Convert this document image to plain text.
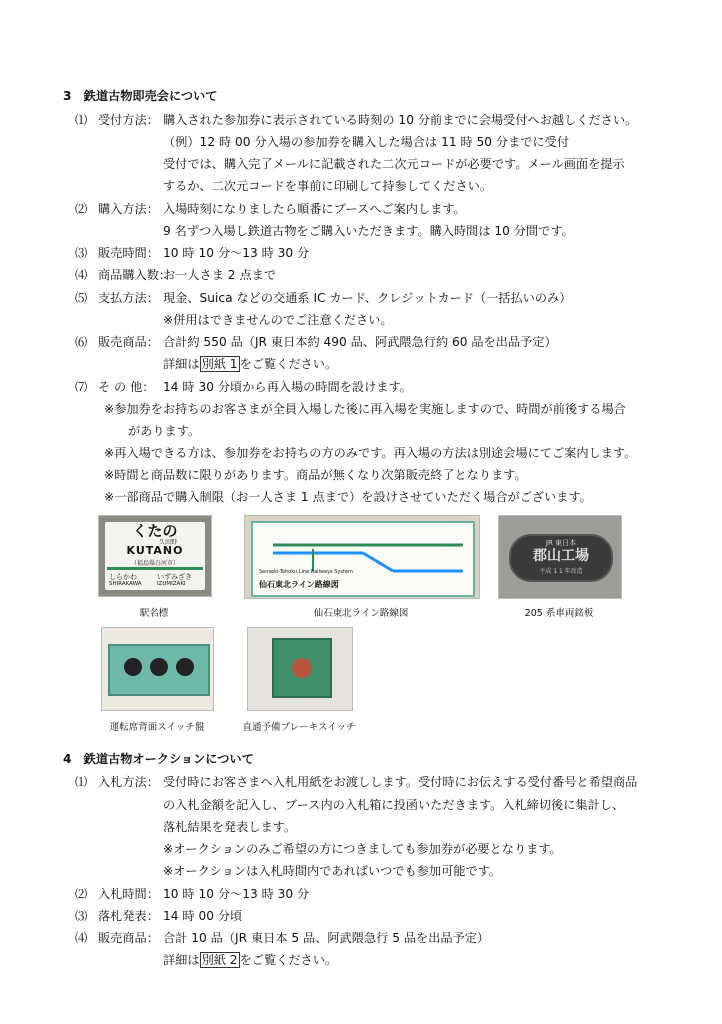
3　鉄道古物即売会について
⑴ 受付方法： 購入された参加券に表示されている時刻の 10 分前までに会場受付へお越しください。
（例）12 時 00 分入場の参加券を購入した場合は 11 時 50 分までに受付
受付では、購入完了メールに記載された二次元コードが必要です。メール画面を提示
するか、二次元コードを事前に印刷して持参してください。
⑵ 購入方法： 入場時刻になりましたら順番にブースへご案内します。
9 名ずつ入場し鉄道古物をご購入いただきます。購入時間は 10 分間です。
⑶ 販売時間： 10 時 10 分～13 時 30 分
⑷ 商品購入数：
お一人さま 2 点まで
⑸ 支払方法： 現金、Suica などの交通系 IC カード、クレジットカード（一括払いのみ）
※併用はできませんのでご注意ください。
⑹ 販売商品： 合計約 550 品（JR 東日本約 490 品、阿武隈急行約 60 品を出品予定）
詳細は 別紙 1 をご覧ください。
⑺ そ の 他： 14 時 30 分頃から再入場の時間を設けます。
※参加券をお持ちのお客さまが全員入場した後に再入場を実施しますので、時間が前後する場合
があります。
※再入場できる方は、参加券をお持ちの方のみです。再入場の方法は別途会場にてご案内します。
※時間と商品数に限りがあります。商品が無くなり次第販売終了となります。
※一部商品で購入制限（お一人さま 1 点まで）を設けさせていただく場合がございます。
くたの
久田野
KUTANO
（福島県白河市）
しらかわ	いずみざき
SHIRAKAWA	IZUMIZAKI
駅名標
Senseki-Tohoku Line Railways System
仙石東北ライン路線図
仙石東北ライン路線図
JR 東日本
郡山工場
平成 1 1 年改造
205 系車両銘板
運転席背面スイッチ盤	直通予備ブレーキスイッチ
4　鉄道古物オークションについて
⑴ 入札方法： 受付時にお客さまへ入札用紙をお渡しします。受付時にお伝えする受付番号と希望商品
の入札金額を記入し、ブース内の入札箱に投函いただきます。入札締切後に集計し、
落札結果を発表します。
※オークションのみご希望の方につきましても参加券が必要となります。
※オークションは入札時間内であればいつでも参加可能です。
⑵ 入札時間： 10 時 10 分～13 時 30 分
⑶ 落札発表： 14 時 00 分頃
⑷ 販売商品： 合計 10 品（JR 東日本 5 品、阿武隈急行 5 品を出品予定）
詳細は 別紙 2 をご覧ください。
